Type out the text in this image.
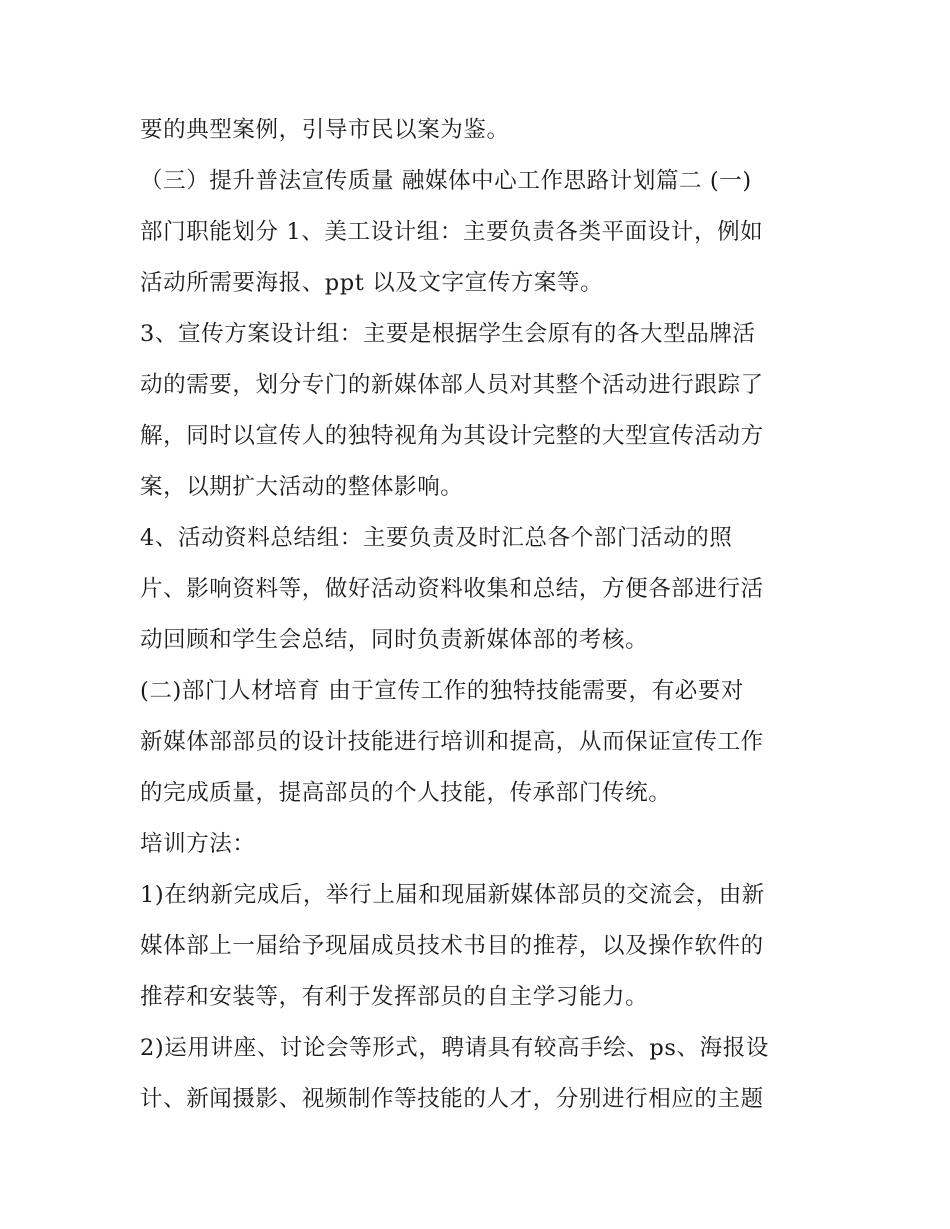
要的典型案例，引导市民以案为鉴。
（三）提升普法宣传质量 融媒体中心工作思路计划篇二 (一)
部门职能划分 1、美工设计组：主要负责各类平面设计，例如
活动所需要海报、ppt 以及文字宣传方案等。
3、宣传方案设计组：主要是根据学生会原有的各大型品牌活
动的需要，划分专门的新媒体部人员对其整个活动进行跟踪了
解，同时以宣传人的独特视角为其设计完整的大型宣传活动方
案，以期扩大活动的整体影响。
4、活动资料总结组：主要负责及时汇总各个部门活动的照
片、影响资料等，做好活动资料收集和总结，方便各部进行活
动回顾和学生会总结，同时负责新媒体部的考核。
(二)部门人材培育 由于宣传工作的独特技能需要，有必要对
新媒体部部员的设计技能进行培训和提高，从而保证宣传工作
的完成质量，提高部员的个人技能，传承部门传统。
培训方法：
1)在纳新完成后，举行上届和现届新媒体部员的交流会，由新
媒体部上一届给予现届成员技术书目的推荐，以及操作软件的
推荐和安装等，有利于发挥部员的自主学习能力。
2)运用讲座、讨论会等形式，聘请具有较高手绘、ps、海报设
计、新闻摄影、视频制作等技能的人才，分别进行相应的主题
